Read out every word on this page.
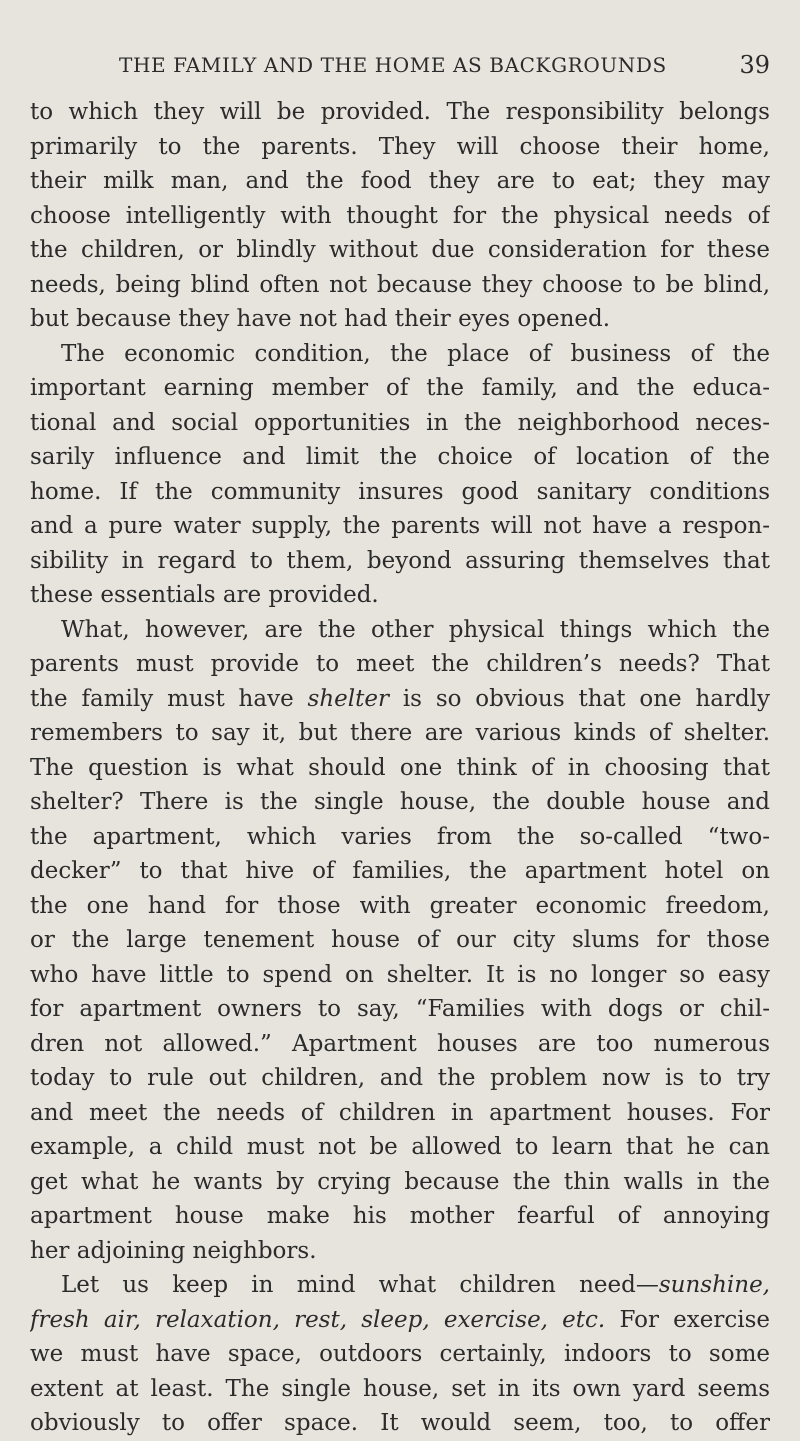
THE FAMILY AND THE HOME AS BACKGROUNDS	39
to which they will be provided. The responsibility belongs
primarily to the parents. They will choose their home,
their milk man, and the food they are to eat; they may
choose intelligently with thought for the physical needs of
the children, or blindly without due consideration for these
needs, being blind often not because they choose to be blind,
but because they have not had their eyes opened.
The economic condition, the place of business of the
important earning member of the family, and the educa-
tional and social opportunities in the neighborhood neces-
sarily influence and limit the choice of location of the
home. If the community insures good sanitary conditions
and a pure water supply, the parents will not have a respon-
sibility in regard to them, beyond assuring themselves that
these essentials are provided.
What, however, are the other physical things which the
parents must provide to meet the children’s needs? That
the family must have shelter is so obvious that one hardly
remembers to say it, but there are various kinds of shelter.
The question is what should one think of in choosing that
shelter? There is the single house, the double house and
the apartment, which varies from the so-called “two-
decker” to that hive of families, the apartment hotel on
the one hand for those with greater economic freedom,
or the large tenement house of our city slums for those
who have little to spend on shelter. It is no longer so easy
for apartment owners to say, “Families with dogs or chil-
dren not allowed.” Apartment houses are too numerous
today to rule out children, and the problem now is to try
and meet the needs of children in apartment houses. For
example, a child must not be allowed to learn that he can
get what he wants by crying because the thin walls in the
apartment house make his mother fearful of annoying
her adjoining neighbors.
Let us keep in mind what children need—sunshine,
fresh air, relaxation, rest, sleep, exercise, etc. For exercise
we must have space, outdoors certainly, indoors to some
extent at least. The single house, set in its own yard seems
obviously to offer space. It would seem, too, to offer
